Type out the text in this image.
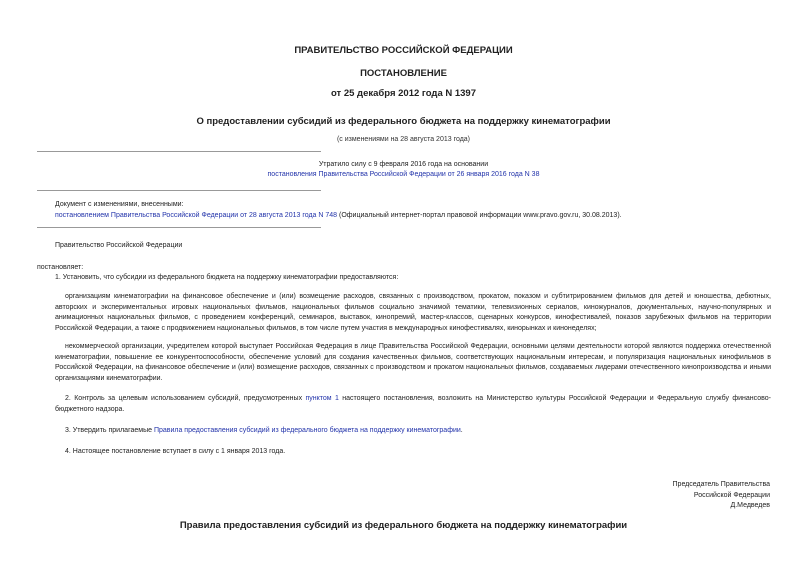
ПРАВИТЕЛЬСТВО РОССИЙСКОЙ ФЕДЕРАЦИИ
ПОСТАНОВЛЕНИЕ
от 25 декабря 2012 года N 1397
О предоставлении субсидий из федерального бюджета на поддержку кинематографии
(с изменениями на 28 августа 2013 года)
Утратило силу с 9 февраля 2016 года на основании
постановления Правительства Российской Федерации от 26 января 2016 года N 38
Документ с изменениями, внесенными:
постановлением Правительства Российской Федерации от 28 августа 2013 года N 748 (Официальный интернет-портал правовой информации www.pravo.gov.ru, 30.08.2013).
Правительство Российской Федерации
постановляет:
1. Установить, что субсидии из федерального бюджета на поддержку кинематографии предоставляются:
организациям кинематографии на финансовое обеспечение и (или) возмещение расходов, связанных с производством, прокатом, показом и субтитрированием фильмов для детей и юношества, дебютных, авторских и экспериментальных игровых национальных фильмов, национальных фильмов социально значимой тематики, телевизионных сериалов, киножурналов, документальных, научно-популярных и анимационных национальных фильмов, с проведением конференций, семинаров, выставок, кинопремий, мастер-классов, сценарных конкурсов, кинофестивалей, показов зарубежных фильмов на территории Российской Федерации, а также с продвижением национальных фильмов, в том числе путем участия в международных кинофестивалях, кинорынках и кинонеделях;
некоммерческой организации, учредителем которой выступает Российская Федерация в лице Правительства Российской Федерации, основными целями деятельности которой являются поддержка отечественной кинематографии, повышение ее конкурентоспособности, обеспечение условий для создания качественных фильмов, соответствующих национальным интересам, и популяризация национальных кинофильмов в Российской Федерации, на финансовое обеспечение и (или) возмещение расходов, связанных с производством и прокатом национальных фильмов, создаваемых лидерами отечественного кинопроизводства и иными организациями кинематографии.
2. Контроль за целевым использованием субсидий, предусмотренных пунктом 1 настоящего постановления, возложить на Министерство культуры Российской Федерации и Федеральную службу финансово-бюджетного надзора.
3. Утвердить прилагаемые Правила предоставления субсидий из федерального бюджета на поддержку кинематографии.
4. Настоящее постановление вступает в силу с 1 января 2013 года.
Председатель Правительства
Российской Федерации
Д.Медведев
Правила предоставления субсидий из федерального бюджета на поддержку кинематографии
